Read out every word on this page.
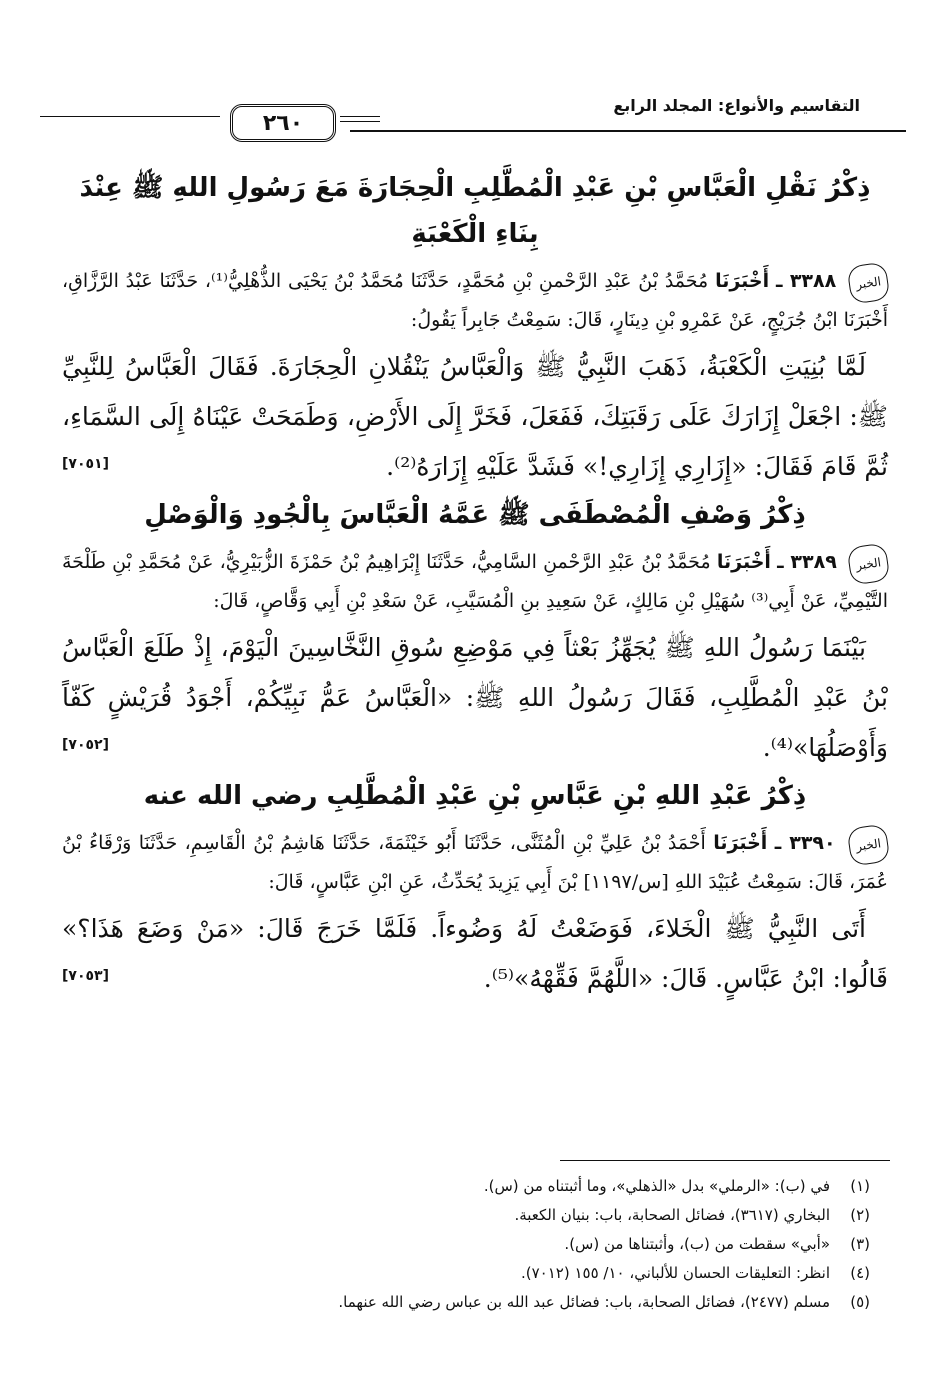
٢٦٠
التقاسيم والأنواع: المجلد الرابع
ذِكْرُ نَقْلِ الْعَبَّاسِ بْنِ عَبْدِ الْمُطَّلِبِ الْحِجَارَةَ مَعَ رَسُولِ اللهِ ﷺ عِنْدَ بِنَاءِ الْكَعْبَةِ

الخبر ٣٣٨٨ ـ أَخْبَرَنَا مُحَمَّدُ بْنُ عَبْدِ الرَّحْمنِ بْنِ مُحَمَّدٍ، حَدَّثَنَا مُحَمَّدُ بْنُ يَحْيَى الذُّهْلِيُّ⁽¹⁾، حَدَّثَنَا عَبْدُ الرَّزَّاقِ، أَخْبَرَنَا ابْنُ جُرَيْجٍ، عَنْ عَمْرِو بْنِ دِينَارٍ، قَالَ: سَمِعْتُ جَابِراً يَقُولُ:

لَمَّا بُنِيَتِ الْكَعْبَةُ، ذَهَبَ النَّبِيُّ ﷺ وَالْعَبَّاسُ يَنْقُلانِ الْحِجَارَةَ. فَقَالَ الْعَبَّاسُ لِلنَّبِيِّ ﷺ: اجْعَلْ إِزَارَكَ عَلَى رَقَبَتِكَ، فَفَعَلَ، فَخَرَّ إِلَى الأَرْضِ، وَطَمَحَتْ عَيْنَاهُ إِلَى السَّمَاءِ، ثُمَّ قَامَ فَقَالَ: «إِزَارِي إِزَارِي!» فَشَدَّ عَلَيْهِ إِزَارَهُ⁽²⁾.

[٧٠٥١]
ذِكْرُ وَصْفِ الْمُصْطَفَى ﷺ عَمَّهُ الْعَبَّاسَ بِالْجُودِ وَالْوَصْلِ

الخبر ٣٣٨٩ ـ أَخْبَرَنَا مُحَمَّدُ بْنُ عَبْدِ الرَّحْمنِ السَّامِيُّ، حَدَّثَنَا إِبْرَاهِيمُ بْنُ حَمْزَةَ الزُّبَيْرِيُّ، عَنْ مُحَمَّدِ بْنِ طَلْحَةَ التَّيْمِيِّ، عَنْ أَبِي⁽³⁾ سُهَيْلِ بْنِ مَالِكٍ، عَنْ سَعِيدِ بنِ الْمُسَيَّبِ، عَنْ سَعْدِ بْنِ أَبِي وَقَّاصٍ، قَالَ:

بَيْنَمَا رَسُولُ اللهِ ﷺ يُجَهِّزُ بَعْثاً فِي مَوْضِعِ سُوقِ النَّخَّاسِينَ الْيَوْمَ، إِذْ طَلَعَ الْعَبَّاسُ بْنُ عَبْدِ الْمُطَّلِبِ، فَقَالَ رَسُولُ اللهِ ﷺ: «الْعَبَّاسُ عَمُّ نَبِيِّكُمْ، أَجْوَدُ قُرَيْشٍ كَفّاً وَأَوْصَلُهَا»⁽⁴⁾.

[٧٠٥٢]
ذِكْرُ عَبْدِ اللهِ بْنِ عَبَّاسِ بْنِ عَبْدِ الْمُطَّلِبِ رضي الله عنه

الخبر ٣٣٩٠ ـ أَخْبَرَنَا أَحْمَدُ بْنُ عَلِيِّ بْنِ الْمُثَنَّى، حَدَّثَنَا أَبُو خَيْثَمَةَ، حَدَّثَنَا هَاشِمُ بْنُ الْقَاسِمِ، حَدَّثَنَا وَرْقَاءُ بْنُ عُمَرَ، قَالَ: سَمِعْتُ عُبَيْدَ اللهِ [س/١١٩٧] بْنَ أَبِي يَزِيدَ يُحَدِّثُ، عَنِ ابْنِ عَبَّاسٍ، قَالَ:

أَتَى النَّبِيُّ ﷺ الْخَلاءَ، فَوَضَعْتُ لَهُ وَضُوءاً. فَلَمَّا خَرَجَ قَالَ: «مَنْ وَضَعَ هَذَا؟» قَالُوا: ابْنُ عَبَّاسٍ. قَالَ: «اللَّهُمَّ فَقِّهْهُ»⁽⁵⁾.

[٧٠٥٣]
(١)
في (ب): «الرملي» بدل «الذهلي»، وما أثبتناه من (س).
(٢)
البخاري (٣٦١٧)، فضائل الصحابة، باب: بنيان الكعبة.
(٣)
«أبي» سقطت من (ب)، وأثبتناها من (س).
(٤)
انظر: التعليقات الحسان للألباني، ١٠/ ١٥٥ (٧٠١٢).
(٥)
مسلم (٢٤٧٧)، فضائل الصحابة، باب: فضائل عبد الله بن عباس رضي الله عنهما.
